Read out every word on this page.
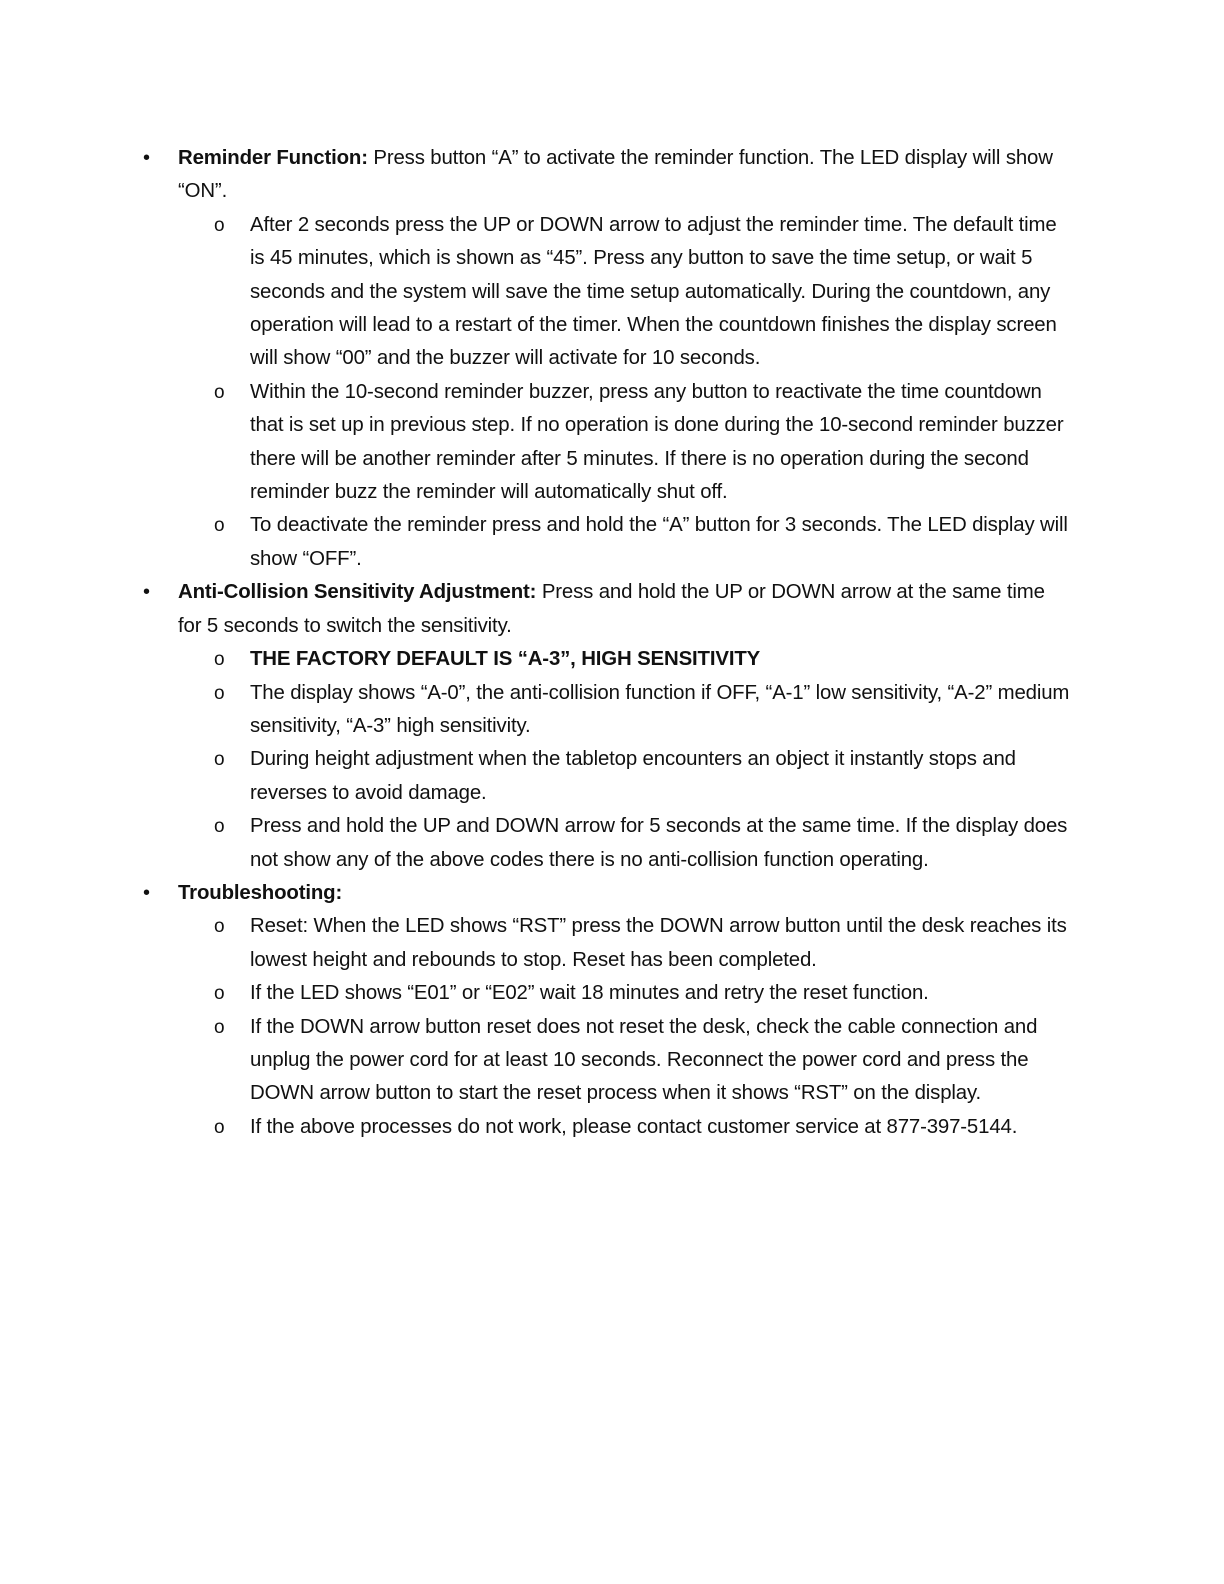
•	Reminder Function: Press button “A” to activate the reminder function. The LED display will show “ON”.

o After 2 seconds press the UP or DOWN arrow to adjust the reminder time. The default time is 45 minutes, which is shown as “45”. Press any button to save the time setup, or wait 5 seconds and the system will save the time setup automatically. During the countdown, any operation will lead to a restart of the timer. When the countdown finishes the display screen will show “00” and the buzzer will activate for 10 seconds.

o Within the 10-second reminder buzzer, press any button to reactivate the time countdown that is set up in previous step. If no operation is done during the 10-second reminder buzzer there will be another reminder after 5 minutes. If there is no operation during the second reminder buzz the reminder will automatically shut off.

o To deactivate the reminder press and hold the “A” button for 3 seconds. The LED display will show “OFF”.

•	Anti-Collision Sensitivity Adjustment: Press and hold the UP or DOWN arrow at the same time for 5 seconds to switch the sensitivity.

o THE FACTORY DEFAULT IS “A-3”, HIGH SENSITIVITY

o The display shows “A-0”, the anti-collision function if OFF, “A-1” low sensitivity, “A-2” medium sensitivity, “A-3” high sensitivity.

o During height adjustment when the tabletop encounters an object it instantly stops and reverses to avoid damage.

o Press and hold the UP and DOWN arrow for 5 seconds at the same time. If the display does not show any of the above codes there is no anti-collision function operating.

•	Troubleshooting:

o Reset: When the LED shows “RST” press the DOWN arrow button until the desk reaches its lowest height and rebounds to stop. Reset has been completed.

o If the LED shows “E01” or “E02” wait 18 minutes and retry the reset function.

o If the DOWN arrow button reset does not reset the desk, check the cable connection and unplug the power cord for at least 10 seconds. Reconnect the power cord and press the DOWN arrow button to start the reset process when it shows “RST” on the display.

o If the above processes do not work, please contact customer service at 877-397-5144.
